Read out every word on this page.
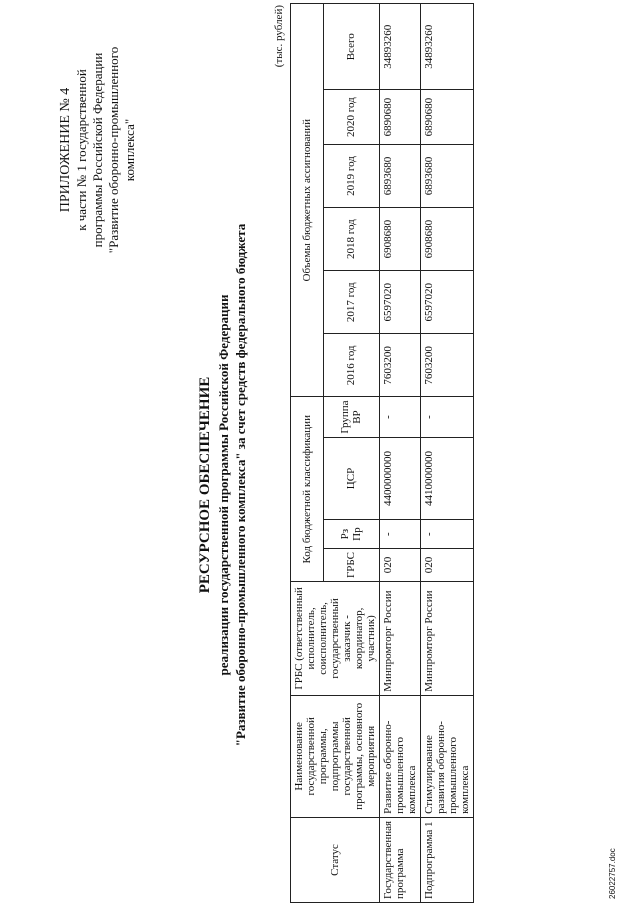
ПРИЛОЖЕНИЕ № 4 к части № 1 государственной программы Российской Федерации "Развитие оборонно-промышленного комплекса"
РЕСУРСНОЕ ОБЕСПЕЧЕНИЕ реализации государственной программы Российской Федерации "Развитие оборонно-промышленного комплекса" за счет средств федерального бюджета
(тыс. рублей)
Статус	Наименование государственной программы, подпрограммы государственной программы, основного мероприятия	ГРБС (ответственный исполнитель, соисполнитель, государственный заказчик - координатор, участник)	Код бюджетной классификации				Объемы бюджетных ассигнований					
			ГРБС	Рз Пр	ЦСР	Группа ВР	2016 год	2017 год	2018 год	2019 год	2020 год	Всего
Государственная программа	Развитие оборонно-промышленного комплекса	Минпромторг России	020	-	4400000000	-	7603200	6597020	6908680	6893680	6890680	34893260
Подпрограмма 1	Стимулирование развития оборонно-промышленного комплекса	Минпромторг России	020	-	4410000000	-	7603200	6597020	6908680	6893680	6890680	34893260
26022757.doc
